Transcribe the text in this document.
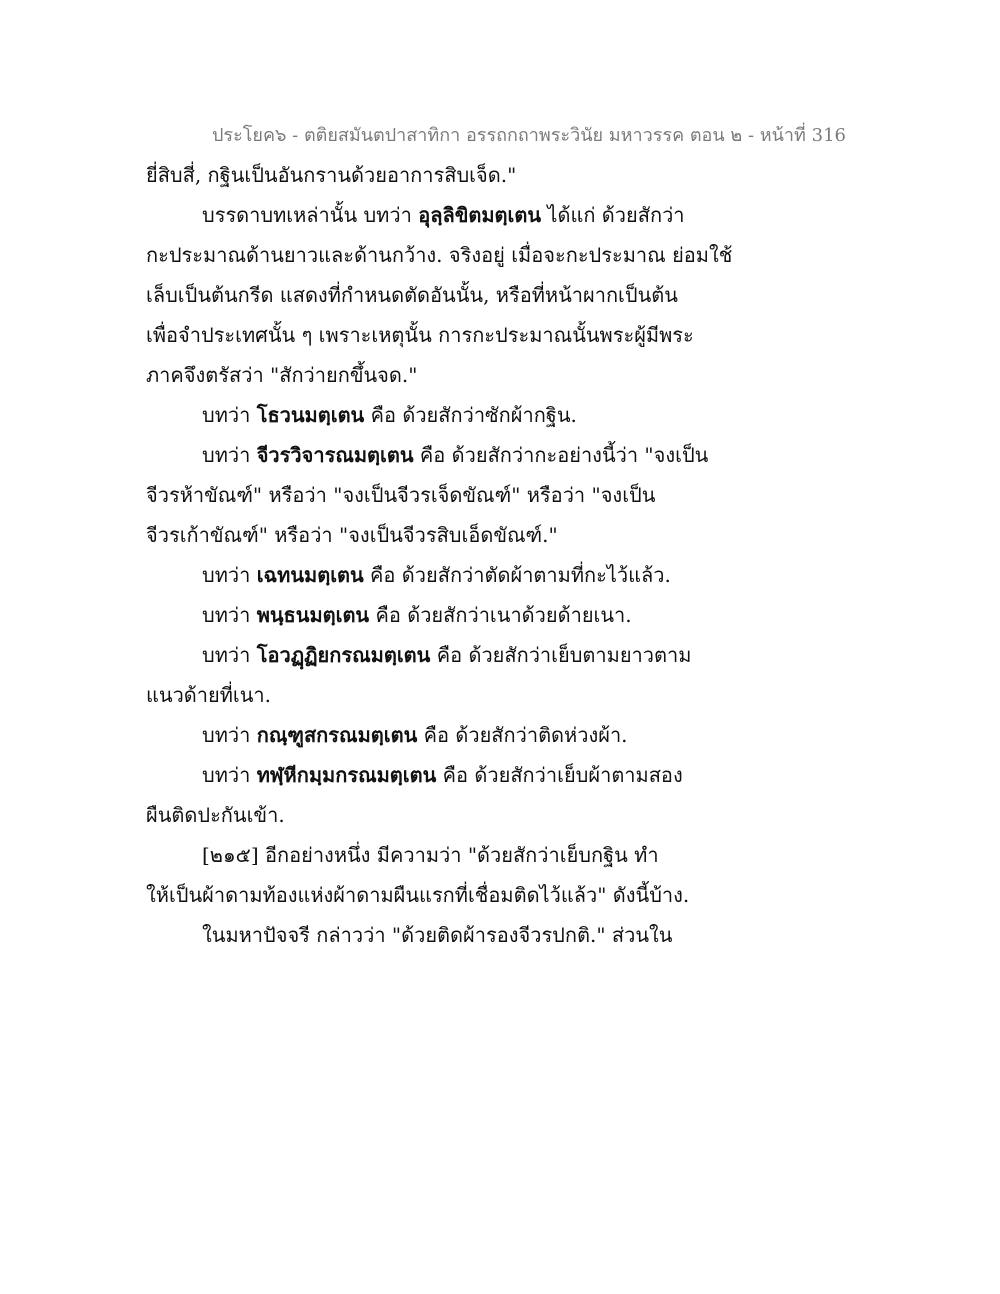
ประโยค๖ - ตติยสมันตปาสาทิกา อรรถกถาพระวินัย มหาวรรค ตอน ๒ - หน้าที่ 316
ยี่สิบสี่, กฐินเป็นอันกรานด้วยอาการสิบเจ็ด."
บรรดาบทเหล่านั้น บทว่า อุลฺลิขิตมตฺเตน ได้แก่ ด้วยสักว่า
กะประมาณด้านยาวและด้านกว้าง. จริงอยู่ เมื่อจะกะประมาณ ย่อมใช้
เล็บเป็นต้นกรีด แสดงที่กำหนดตัดอันนั้น, หรือที่หน้าผากเป็นต้น
เพื่อจำประเทศนั้น ๆ เพราะเหตุนั้น การกะประมาณนั้นพระผู้มีพระ
ภาคจึงตรัสว่า "สักว่ายกขึ้นจด."
บทว่า โธวนมตฺเตน คือ ด้วยสักว่าซักผ้ากฐิน.
บทว่า จีวรวิจารณมตฺเตน คือ ด้วยสักว่ากะอย่างนี้ว่า "จงเป็น
จีวรห้าขัณฑ์" หรือว่า "จงเป็นจีวรเจ็ดขัณฑ์" หรือว่า "จงเป็น
จีวรเก้าขัณฑ์" หรือว่า "จงเป็นจีวรสิบเอ็ดขัณฑ์."
บทว่า เฉทนมตฺเตน คือ ด้วยสักว่าตัดผ้าตามที่กะไว้แล้ว.
บทว่า พนฺธนมตฺเตน คือ ด้วยสักว่าเนาด้วยด้ายเนา.
บทว่า โอวฏฺฏิยกรณมตฺเตน คือ ด้วยสักว่าเย็บตามยาวตาม
แนวด้ายที่เนา.
บทว่า กณฺฑูสกรณมตฺเตน คือ ด้วยสักว่าติดห่วงผ้า.
บทว่า ทฬฺหีกมฺมกรณมตฺเตน คือ ด้วยสักว่าเย็บผ้าตามสอง
ผืนติดปะกันเข้า.
[๒๑๕] อีกอย่างหนึ่ง มีความว่า "ด้วยสักว่าเย็บกฐิน ทำ
ให้เป็นผ้าดามท้องแห่งผ้าดามผืนแรกที่เชื่อมติดไว้แล้ว" ดังนี้บ้าง.
ในมหาปัจจรี กล่าวว่า "ด้วยติดผ้ารองจีวรปกติ." ส่วนใน
